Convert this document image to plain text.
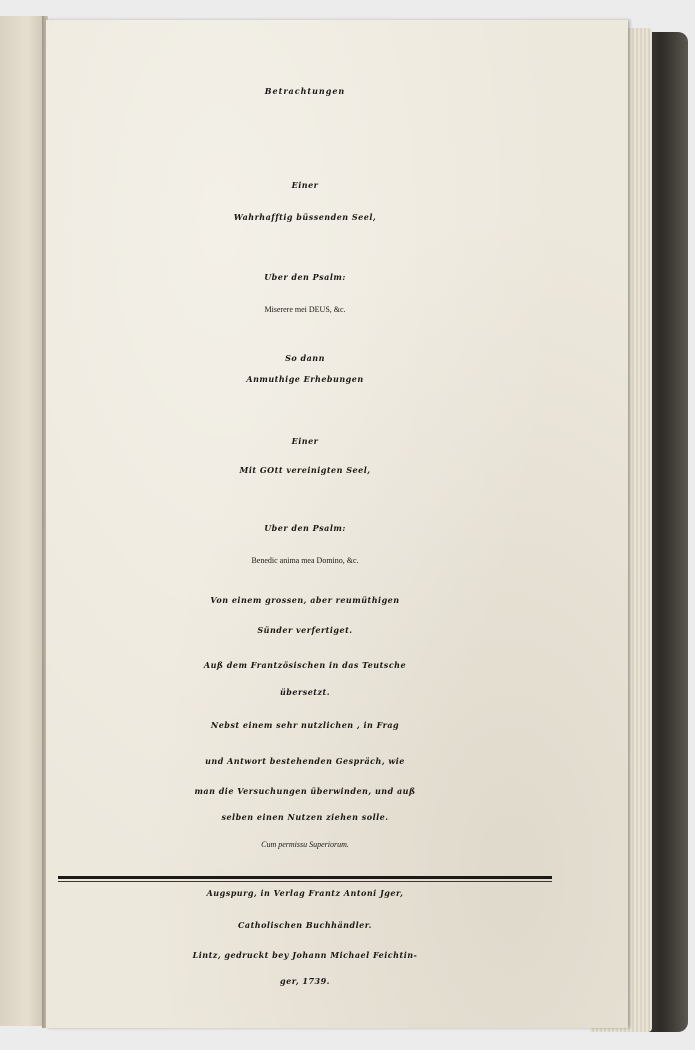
Betrachtungen
Einer
Wahrhafftig büssenden Seel,
Uber den Psalm:
Miserere mei DEUS, &c.
So dann
Anmuthige Erhebungen
Einer
Mit GOtt vereinigten Seel,
Uber den Psalm:
Benedic anima mea Domino, &c.
Von einem grossen, aber reumüthigen
Sünder verfertiget.
Auß dem Frantzösischen in das Teutsche
übersetzt.
Nebst einem sehr nutzlichen , in Frag
und Antwort bestehenden Gespräch, wie
man die Versuchungen überwinden, und auß
selben einen Nutzen ziehen solle.
Cum permissu Superiorum.
Augspurg, in Verlag Frantz Antoni Jger,
Catholischen Buchhändler.
Lintz, gedruckt bey Johann Michael Feichtin-
ger, 1739.
